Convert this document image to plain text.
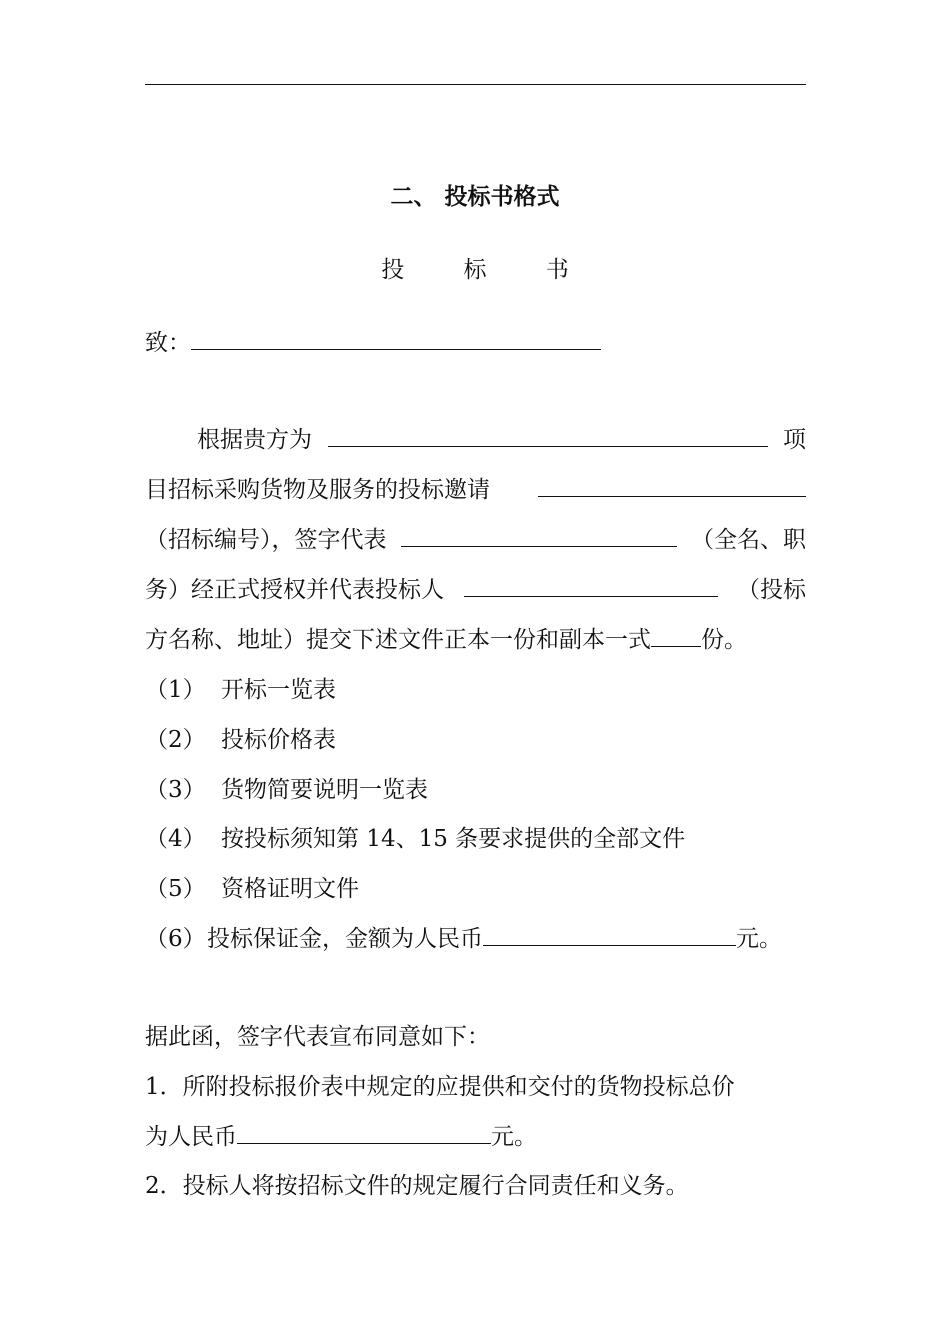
二、 投标书格式
投 标 书
致：
根据贵方为	项
目招标采购货物及服务的投标邀请
（招标编号），签字代表	（全名、职
务）经正式授权并代表投标人	（投标
方名称、地址）提交下述文件正本一份和副本一式 份。
（1） 开标一览表
（2） 投标价格表
（3） 货物简要说明一览表
（4） 按投标须知第 14、15 条要求提供的全部文件
（5） 资格证明文件
（6）投标保证金，金额为人民币	元。
据此函，签字代表宣布同意如下：
1．所附投标报价表中规定的应提供和交付的货物投标总价
为人民币	元。
2．投标人将按招标文件的规定履行合同责任和义务。
